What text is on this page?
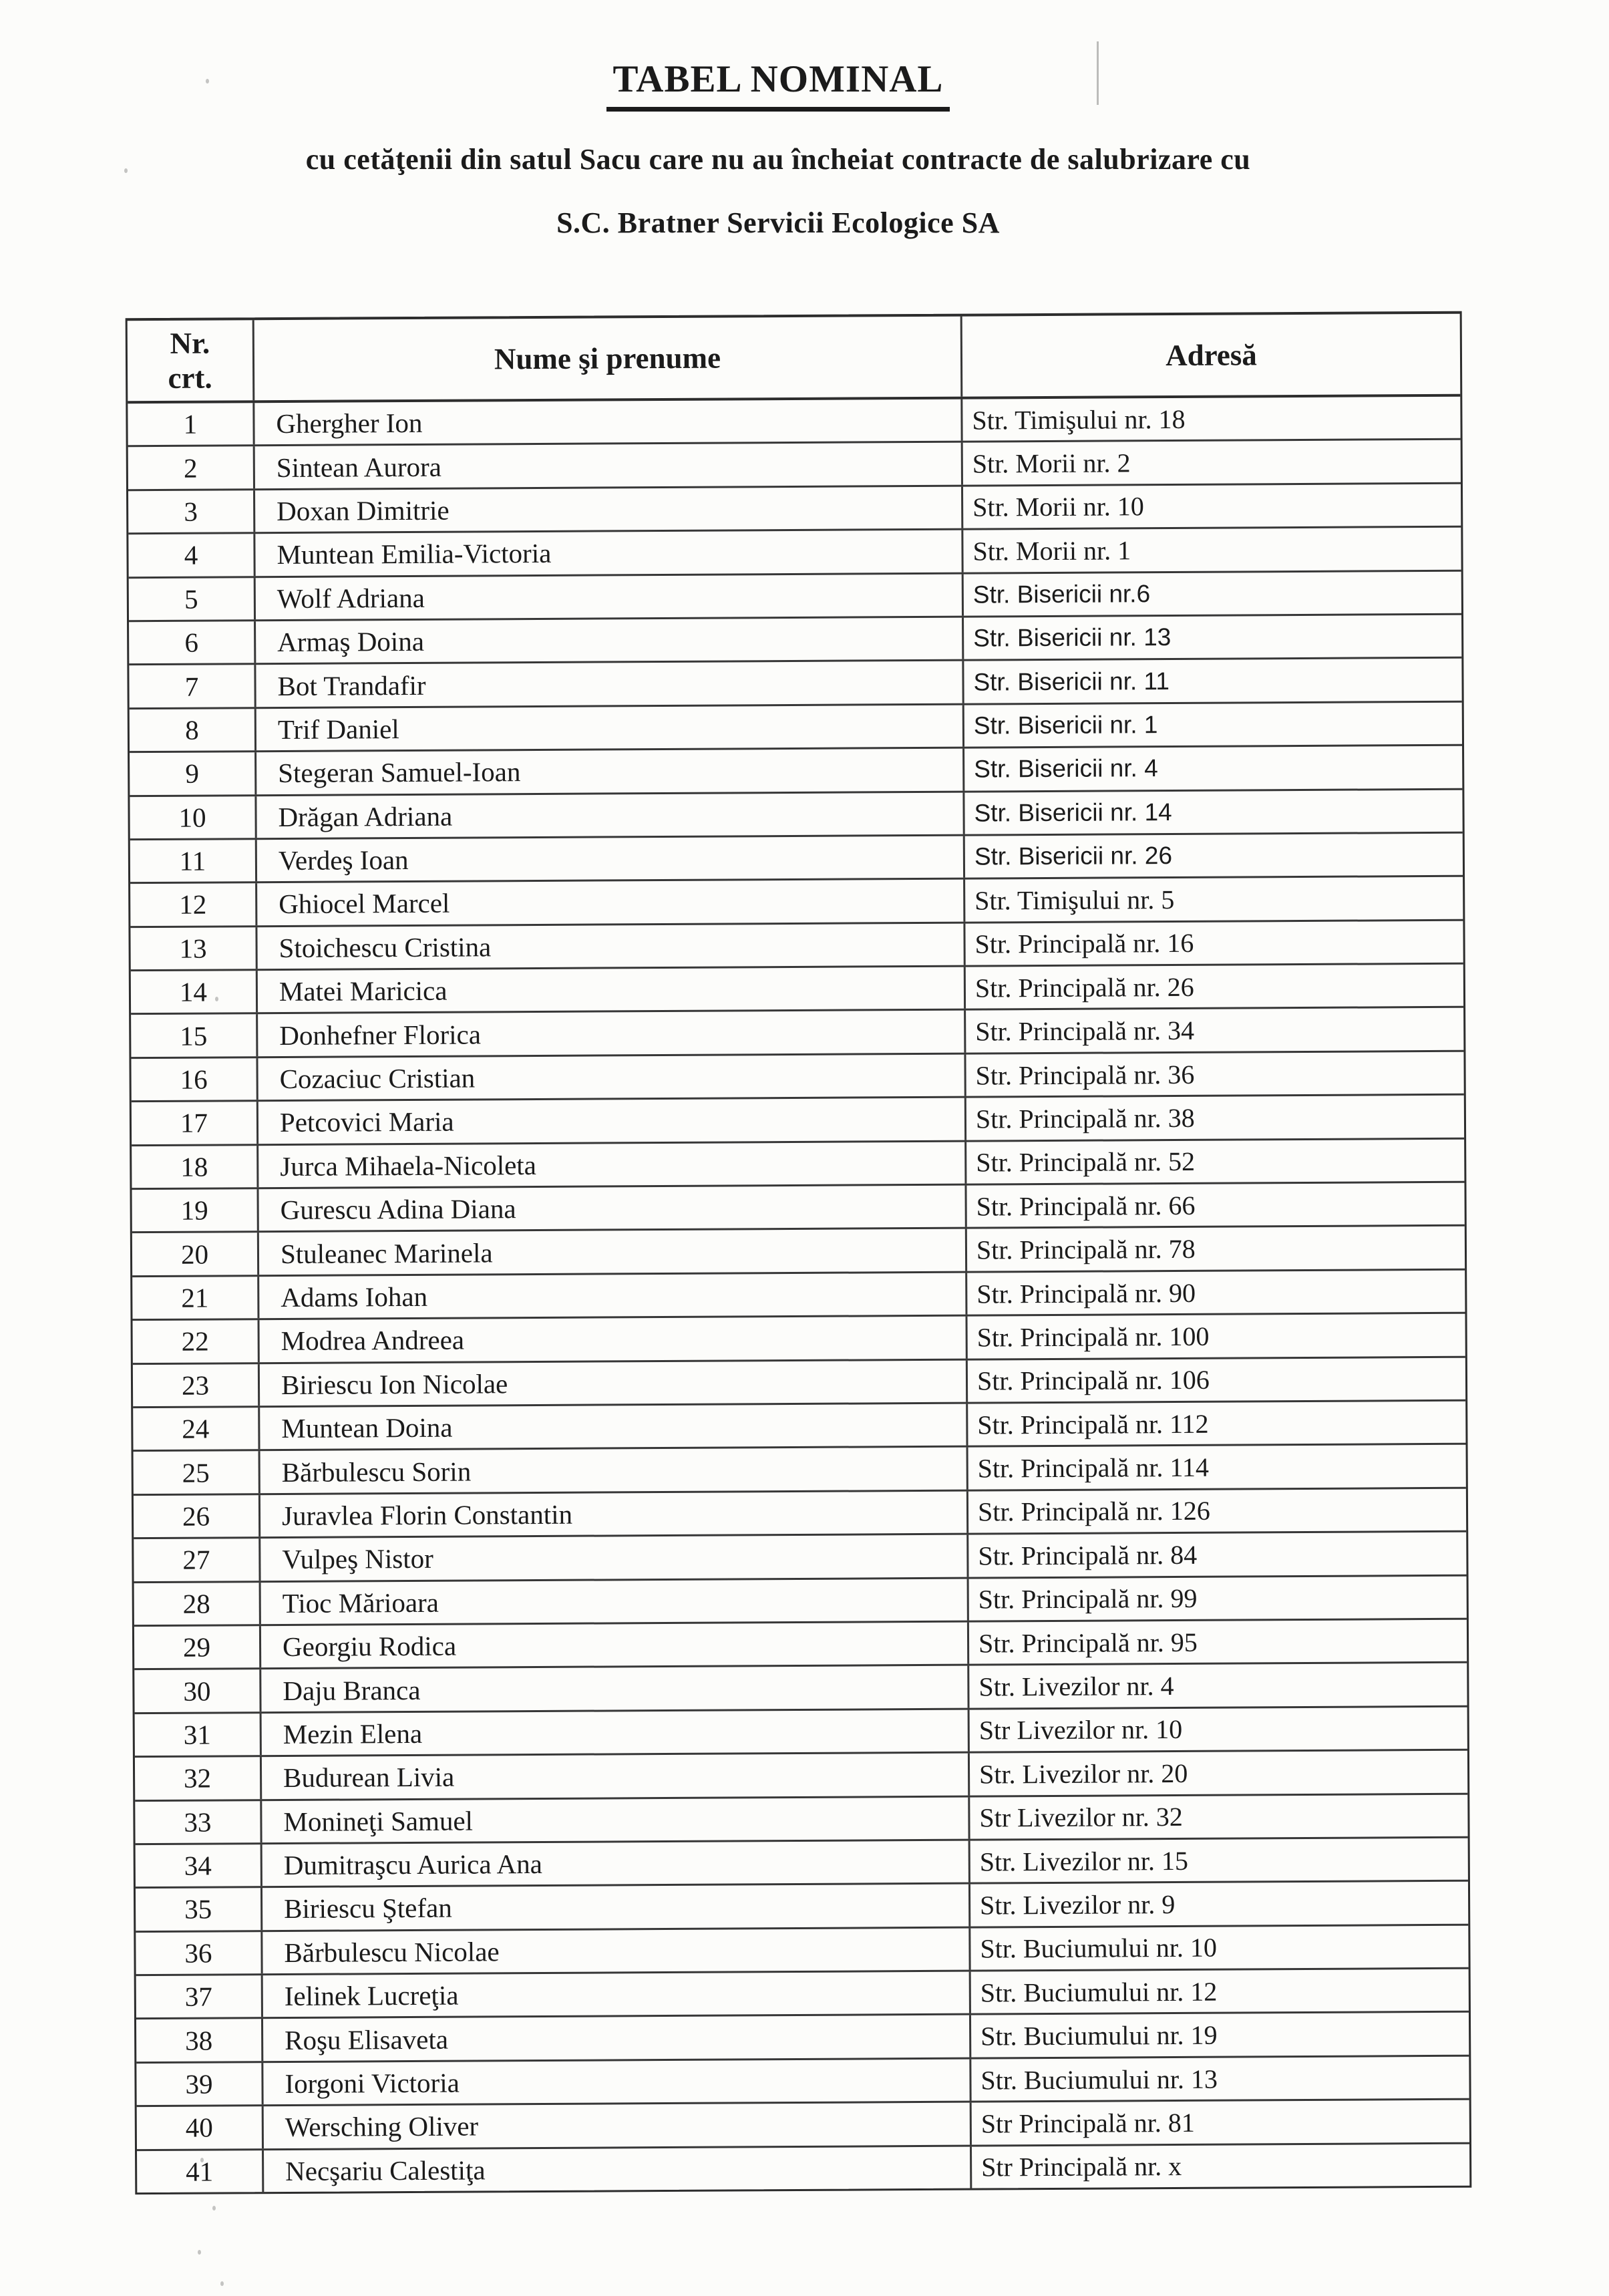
TABEL NOMINAL

cu cetăţenii din satul Sacu care nu au încheiat contracte de salubrizare cu

S.C. Bratner Servicii Ecologice SA

Nr.
crt.
Nume şi prenume	Adresă
1	Ghergher Ion	Str. Timişului nr. 18
2	Sintean Aurora	Str. Morii nr. 2
3	Doxan Dimitrie	Str. Morii nr. 10
4	Muntean Emilia-Victoria	Str. Morii nr. 1
5	Wolf Adriana	Str. Bisericii nr.6
6	Armaş Doina	Str. Bisericii nr. 13
7	Bot Trandafir	Str. Bisericii nr. 11
8	Trif Daniel	Str. Bisericii nr. 1
9	Stegeran Samuel-Ioan	Str. Bisericii nr. 4
10	Drăgan Adriana	Str. Bisericii nr. 14
11	Verdeş Ioan	Str. Bisericii nr. 26
12	Ghiocel Marcel	Str. Timişului nr. 5
13	Stoichescu Cristina	Str. Principală nr. 16
14	Matei Maricica	Str. Principală nr. 26
15	Donhefner Florica	Str. Principală nr. 34
16	Cozaciuc Cristian	Str. Principală nr. 36
17	Petcovici Maria	Str. Principală nr. 38
18	Jurca Mihaela-Nicoleta	Str. Principală nr. 52
19	Gurescu Adina Diana	Str. Principală nr. 66
20	Stuleanec Marinela	Str. Principală nr. 78
21	Adams Iohan	Str. Principală nr. 90
22	Modrea Andreea	Str. Principală nr. 100
23	Biriescu Ion Nicolae	Str. Principală nr. 106
24	Muntean Doina	Str. Principală nr. 112
25	Bărbulescu Sorin	Str. Principală nr. 114
26	Juravlea Florin Constantin	Str. Principală nr. 126
27	Vulpeş Nistor	Str. Principală nr. 84
28	Tioc Mărioara	Str. Principală nr. 99
29	Georgiu Rodica	Str. Principală nr. 95
30	Daju Branca	Str. Livezilor nr. 4
31	Mezin Elena	Str Livezilor nr. 10
32	Budurean Livia	Str. Livezilor nr. 20
33	Monineţi Samuel	Str Livezilor nr. 32
34	Dumitraşcu Aurica Ana	Str. Livezilor nr. 15
35	Biriescu Ştefan	Str. Livezilor nr. 9
36	Bărbulescu Nicolae	Str. Buciumului nr. 10
37	Ielinek Lucreţia	Str. Buciumului nr. 12
38	Roşu Elisaveta	Str. Buciumului nr. 19
39	Iorgoni Victoria	Str. Buciumului nr. 13
40	Wersching Oliver	Str Principală nr. 81
41	Necşariu Calestiţa	Str Principală nr. x
